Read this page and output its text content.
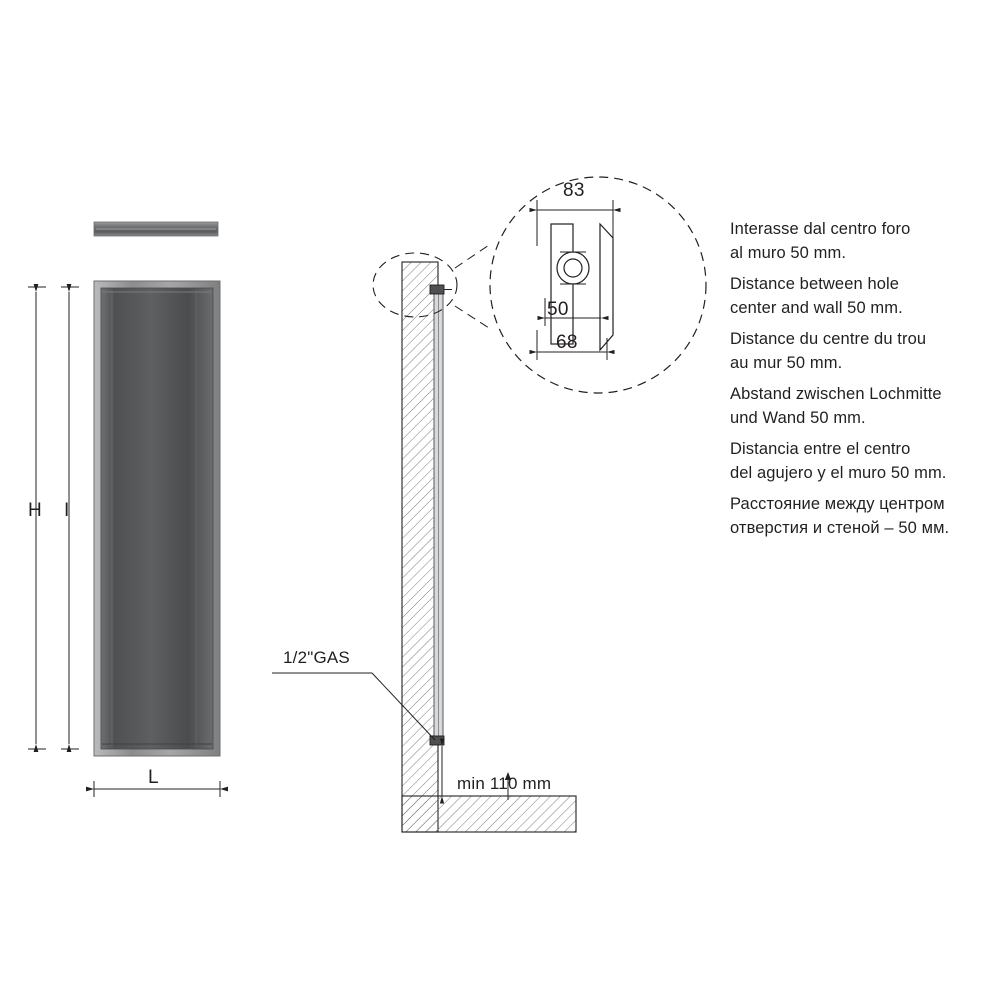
H I
L
1/2"GAS
min 110 mm
83
50
68
Interasse dal centro foro
al muro 50 mm.
Distance between hole
center and wall 50 mm.
Distance du centre du trou
au mur 50 mm.
Abstand zwischen Lochmitte
und Wand 50 mm.
Distancia entre el centro
del agujero y el muro 50 mm.
Расстояние между центром
отверстия и стеной – 50 мм.
